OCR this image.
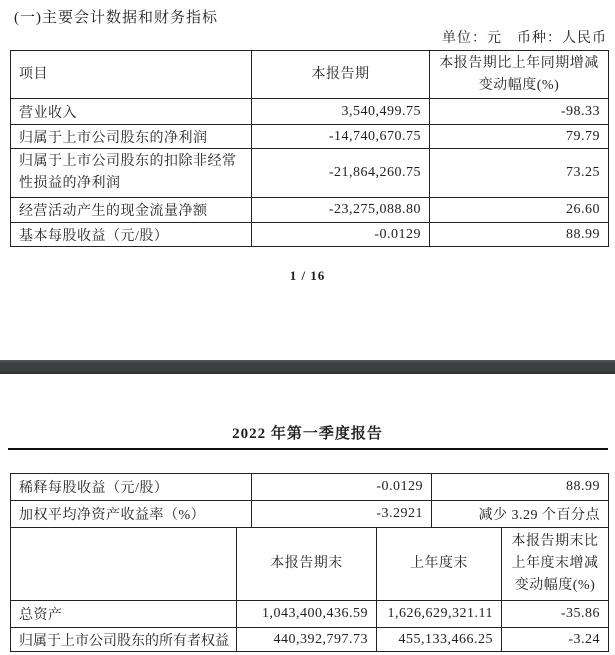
(一)主要会计数据和财务指标
单位：元　币种：人民币
项目	本报告期	本报告期比上年同期增减变动幅度(%)
营业收入	3,540,499.75	-98.33
归属于上市公司股东的净利润	-14,740,670.75	79.79
归属于上市公司股东的扣除非经常性损益的净利润	-21,864,260.75	73.25
经营活动产生的现金流量净额	-23,275,088.80	26.60
基本每股收益（元/股）	-0.0129	88.99
1 / 16
2022 年第一季度报告
稀释每股收益（元/股）	-0.0129	88.99
加权平均净资产收益率（%）	-3.2921	减少 3.29 个百分点
	本报告期末	上年度末	本报告期末比上年度末增减变动幅度(%)
总资产	1,043,400,436.59	1,626,629,321.11	-35.86
归属于上市公司股东的所有者权益	440,392,797.73	455,133,466.25	-3.24
